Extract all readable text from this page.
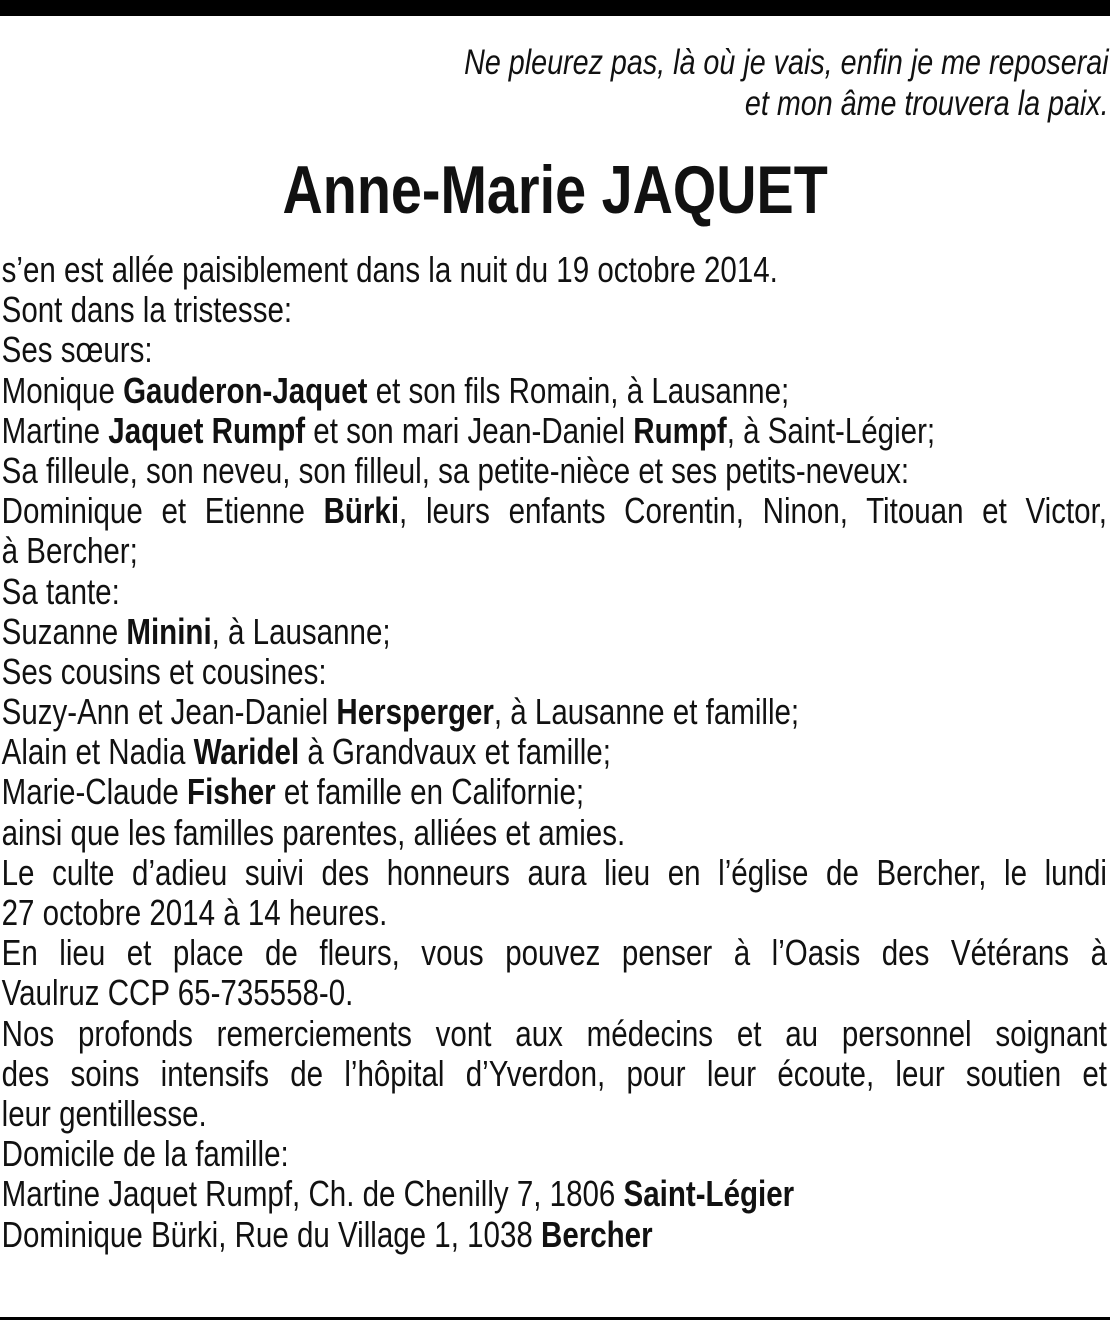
Ne pleurez pas, là où je vais, enfin je me reposerai
et mon âme trouvera la paix.
Anne-Marie JAQUET
s’en est allée paisiblement dans la nuit du 19 octobre 2014.
Sont dans la tristesse:
Ses sœurs:
Monique Gauderon-Jaquet et son fils Romain, à Lausanne;
Martine Jaquet Rumpf et son mari Jean-Daniel Rumpf, à Saint-Légier;
Sa filleule, son neveu, son filleul, sa petite-nièce et ses petits-neveux:
Dominique et Etienne Bürki, leurs enfants Corentin, Ninon, Titouan et Victor,
à Bercher;
Sa tante:
Suzanne Minini, à Lausanne;
Ses cousins et cousines:
Suzy-Ann et Jean-Daniel Hersperger, à Lausanne et famille;
Alain et Nadia Waridel à Grandvaux et famille;
Marie-Claude Fisher et famille en Californie;
ainsi que les familles parentes, alliées et amies.
Le culte d’adieu suivi des honneurs aura lieu en l’église de Bercher, le lundi
27 octobre 2014 à 14 heures.
En lieu et place de fleurs, vous pouvez penser à l’Oasis des Vétérans à
Vaulruz CCP 65-735558-0.
Nos profonds remerciements vont aux médecins et au personnel soignant
des soins intensifs de l’hôpital d’Yverdon, pour leur écoute, leur soutien et
leur gentillesse.
Domicile de la famille:
Martine Jaquet Rumpf, Ch. de Chenilly 7, 1806 Saint-Légier
Dominique Bürki, Rue du Village 1, 1038 Bercher
